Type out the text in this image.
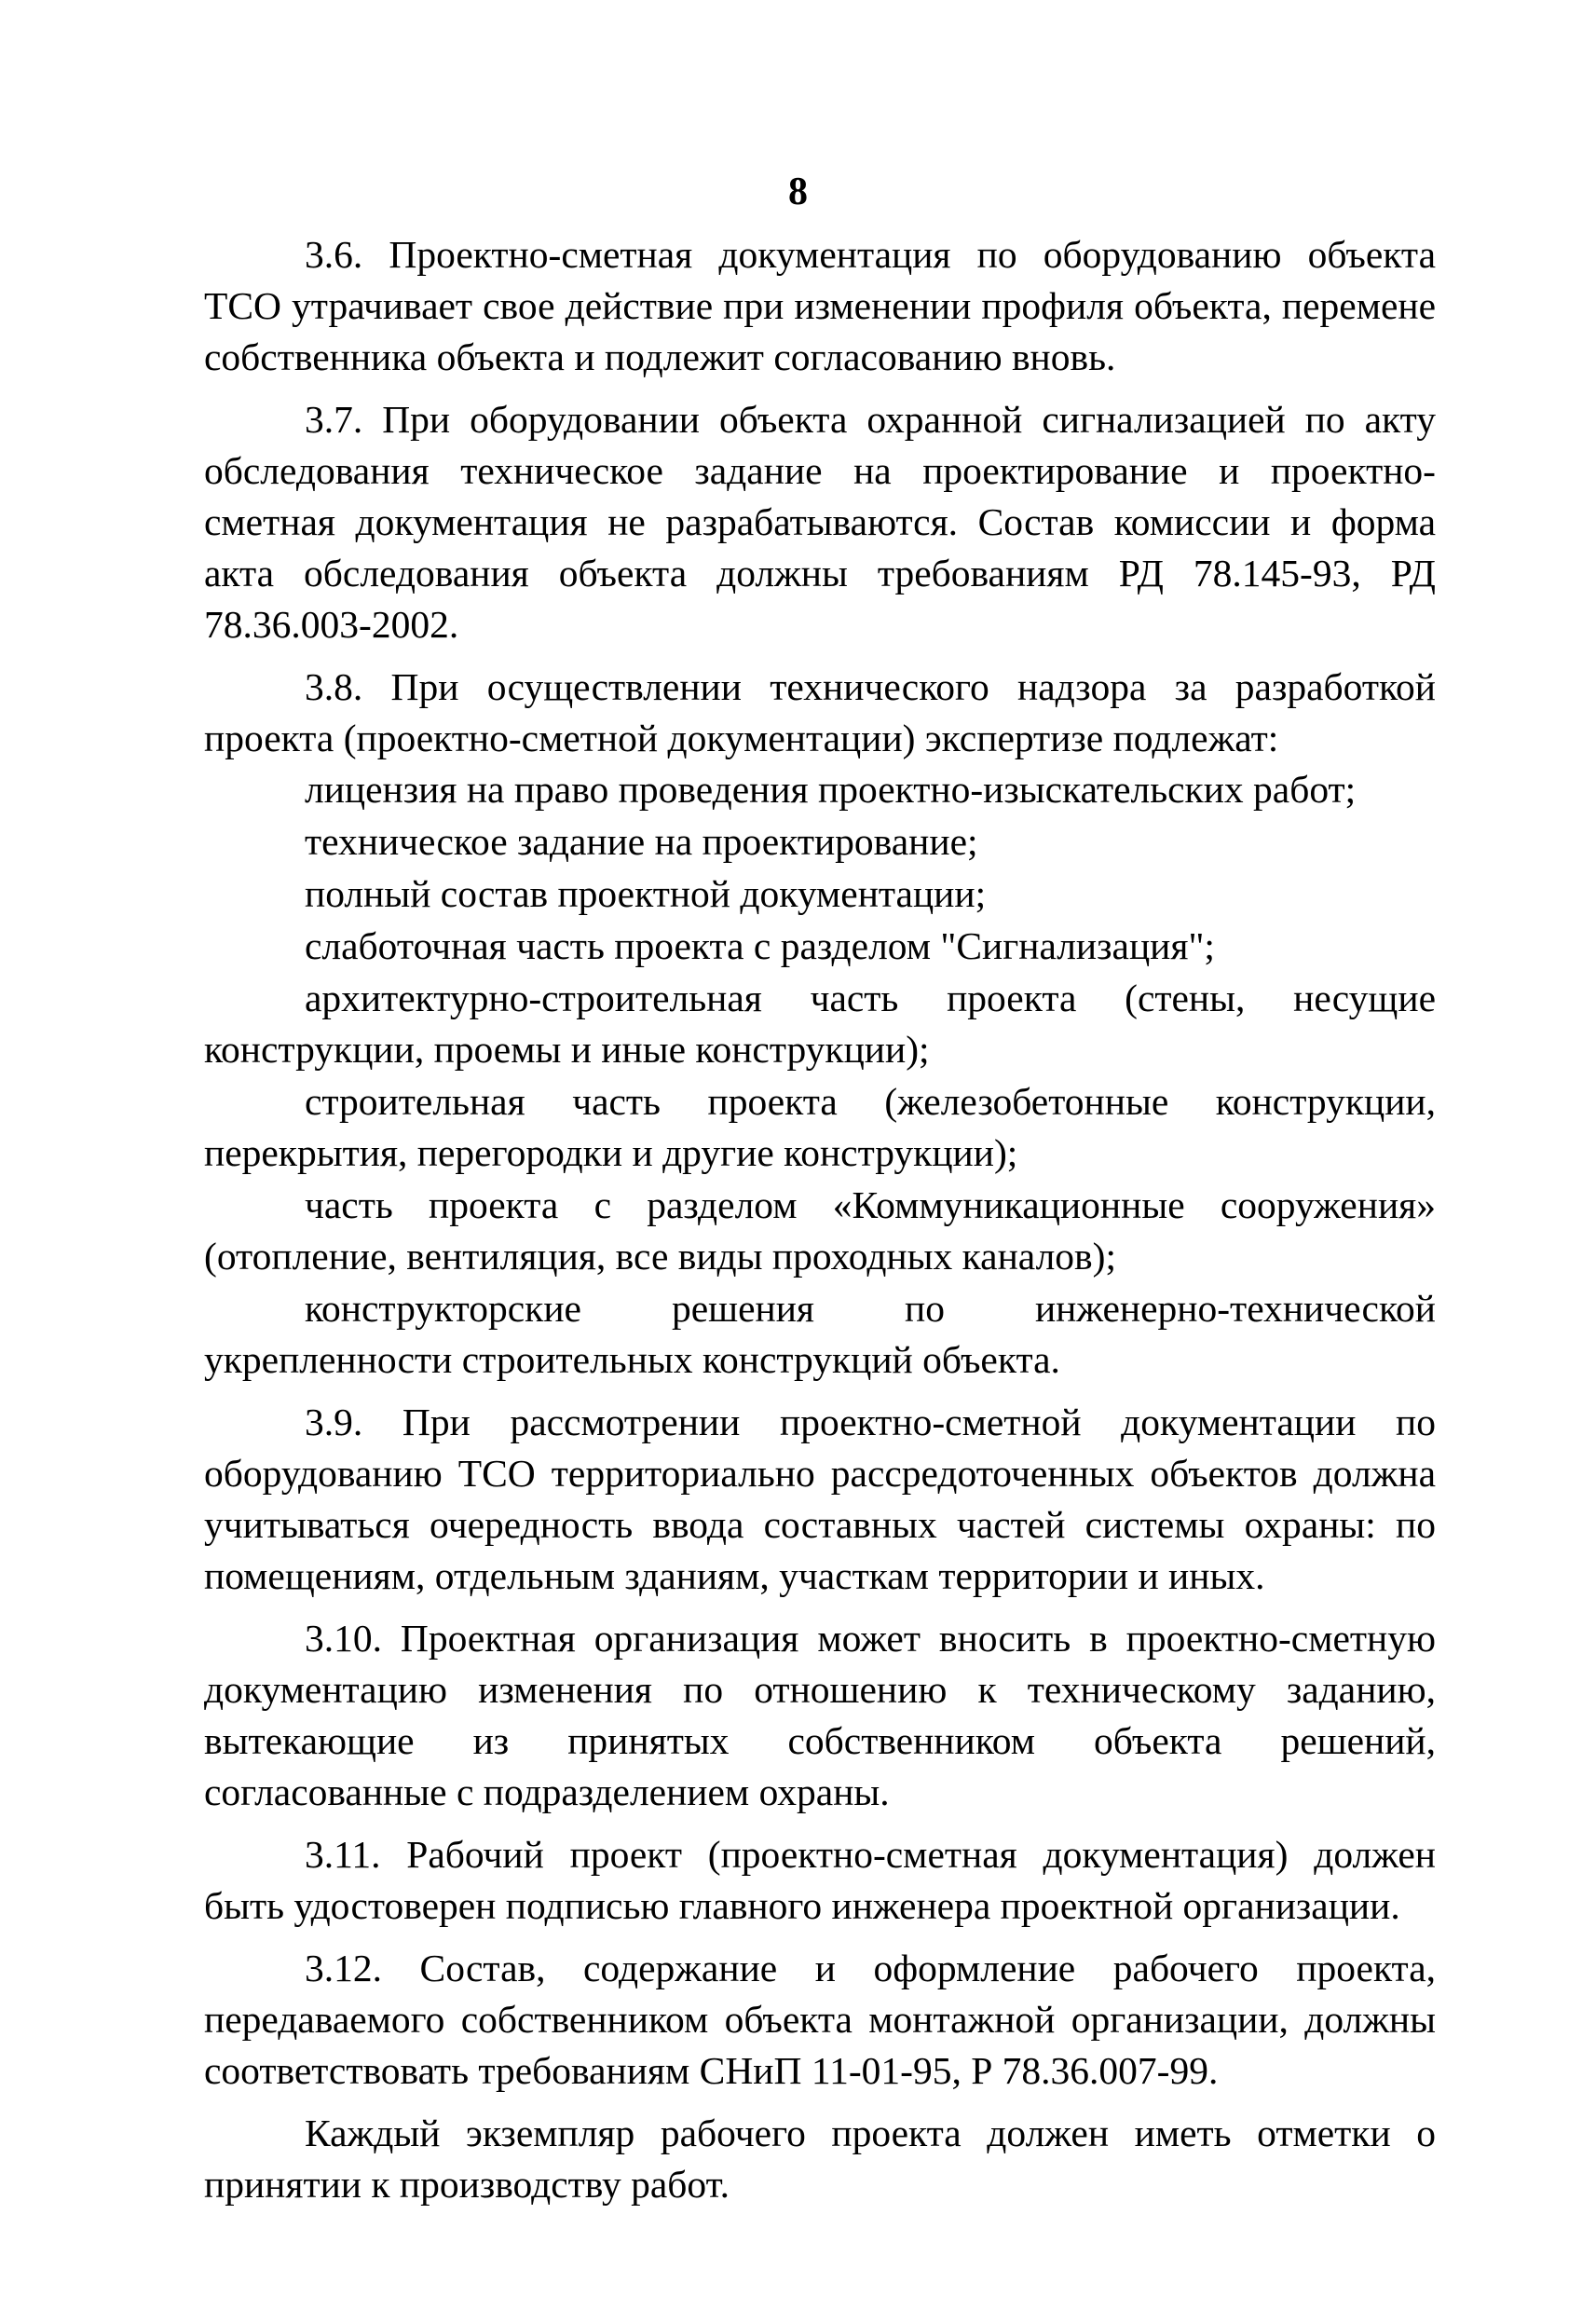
8

3.6. Проектно-сметная документация по оборудованию объекта ТСО утрачивает свое действие при изменении профиля объекта, перемене собственника объекта и подлежит согласованию вновь.

3.7. При оборудовании объекта охранной сигнализацией по акту обследования техническое задание на проектирование и проектно-сметная документация не разрабатываются. Состав комиссии и форма акта обследования объекта должны требованиям РД 78.145-93, РД 78.36.003-2002.

3.8. При осуществлении технического надзора за разработкой проекта (проектно-сметной документации) экспертизе подлежат:

лицензия на право проведения проектно-изыскательских работ;

техническое задание на проектирование;

полный состав проектной документации;

слаботочная часть проекта с разделом "Сигнализация";

архитектурно-строительная часть проекта (стены, несущие конструкции, проемы и иные конструкции);

строительная часть проекта (железобетонные конструкции, перекрытия, перегородки и другие конструкции);

часть проекта с разделом «Коммуникационные сооружения» (отопление, вентиляция, все виды проходных каналов);

конструкторские решения по инженерно-технической укрепленности строительных конструкций объекта.

3.9. При рассмотрении проектно-сметной документации по оборудованию ТСО территориально рассредоточенных объектов должна учитываться очередность ввода составных частей системы охраны: по помещениям, отдельным зданиям, участкам территории и иных.

3.10. Проектная организация может вносить в проектно-сметную документацию изменения по отношению к техническому заданию, вытекающие из принятых собственником объекта решений, согласованные с подразделением охраны.

3.11. Рабочий проект (проектно-сметная документация) должен быть удостоверен подписью главного инженера проектной организации.

3.12. Состав, содержание и оформление рабочего проекта, передаваемого собственником объекта монтажной организации, должны соответствовать требованиям СНиП 11-01-95, Р 78.36.007-99.

Каждый экземпляр рабочего проекта должен иметь отметки о принятии к производству работ.
